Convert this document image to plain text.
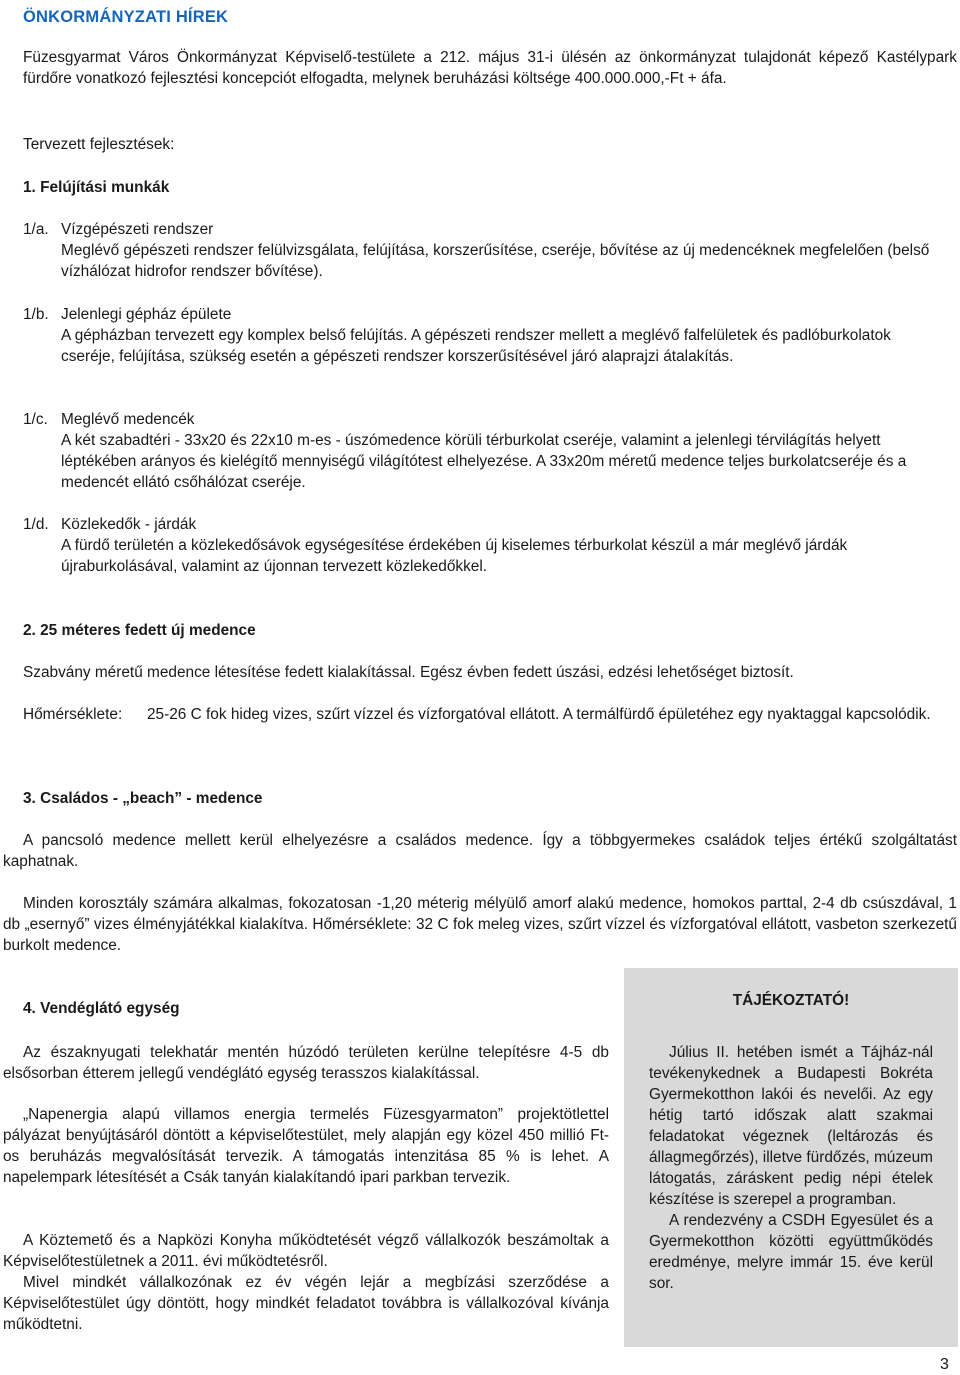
ÖNKORMÁNYZATI HÍREK

Füzesgyarmat Város Önkormányzat Képviselő-testülete a 212. május 31-i ülésén az önkormányzat tulajdonát képező Kastélypark fürdőre vonatkozó fejlesztési koncepciót elfogadta, melynek beruházási költsége 400.000.000,-Ft + áfa.

Tervezett fejlesztések:

1. Felújítási munkák

1/a. Vízgépészeti rendszer

Meglévő gépészeti rendszer felülvizsgálata, felújítása, korszerűsítése, cseréje, bővítése az új medencéknek megfelelően (belső vízhálózat hidrofor rendszer bővítése).

1/b. Jelenlegi gépház épülete

A gépházban tervezett egy komplex belső felújítás. A gépészeti rendszer mellett a meglévő falfelületek és padlóburkolatok cseréje, felújítása, szükség esetén a gépészeti rendszer korszerűsítésével járó alaprajzi átalakítás.

1/c. Meglévő medencék

A két szabadtéri - 33x20 és 22x10 m-es - úszómedence körüli térburkolat cseréje, valamint a jelenlegi térvilágítás helyett léptékében arányos és kielégítő mennyiségű világítótest elhelyezése. A 33x20m méretű medence teljes burkolatcseréje és a medencét ellátó csőhálózat cseréje.

1/d. Közlekedők - járdák

A fürdő területén a közlekedősávok egységesítése érdekében új kiselemes térburkolat készül a már meglévő járdák újraburkolásával, valamint az újonnan tervezett közlekedőkkel.

2. 25 méteres fedett új medence

Szabvány méretű medence létesítése fedett kialakítással. Egész évben fedett úszási, edzési lehetőséget biztosít.

Hőmérséklete: 25-26 C fok hideg vizes, szűrt vízzel és vízforgatóval ellátott. A termálfürdő épületéhez egy nyaktaggal kapcsolódik.

3. Családos - „beach” - medence

A pancsoló medence mellett kerül elhelyezésre a családos medence. Így a többgyermekes családok teljes értékű szolgáltatást kaphatnak.

Minden korosztály számára alkalmas, fokozatosan -1,20 méterig mélyülő amorf alakú medence, homokos parttal, 2-4 db csúszdával, 1 db „esernyő” vizes élményjátékkal kialakítva. Hőmérséklete: 32 C fok meleg vizes, szűrt vízzel és vízforgatóval ellátott, vasbeton szerkezetű burkolt medence.

4. Vendéglátó egység

Az északnyugati telekhatár mentén húzódó területen kerülne telepítésre 4-5 db elsősorban étterem jellegű vendéglátó egység terasszos kialakítással.

„Napenergia alapú villamos energia termelés Füzesgyarmaton” projektötlettel pályázat benyújtásáról döntött a képviselőtestület, mely alapján egy közel 450 millió Ft-os beruházás megvalósítását tervezik. A támogatás intenzitása 85 % is lehet. A napelempark létesítését a Csák tanyán kialakítandó ipari parkban tervezik.

A Köztemető és a Napközi Konyha működtetését végző vállalkozók beszámoltak a Képviselőtestületnek a 2011. évi működtetésről.

Mivel mindkét vállalkozónak ez év végén lejár a megbízási szerződése a Képviselőtestület úgy döntött, hogy mindkét feladatot továbbra is vállalkozóval kívánja működtetni.

TÁJÉKOZTATÓ!

Július II. hetében ismét a Tájház-nál tevékenykednek a Budapesti Bokréta Gyermekotthon lakói és nevelői. Az egy hétig tartó időszak alatt szakmai feladatokat végeznek (leltározás és állagmegőrzés), illetve fürdőzés, múzeum látogatás, záráskent pedig népi ételek készítése is szerepel a programban.

A rendezvény a CSDH Egyesület és a Gyermekotthon közötti együttműködés eredménye, melyre immár 15. éve kerül sor.

3
